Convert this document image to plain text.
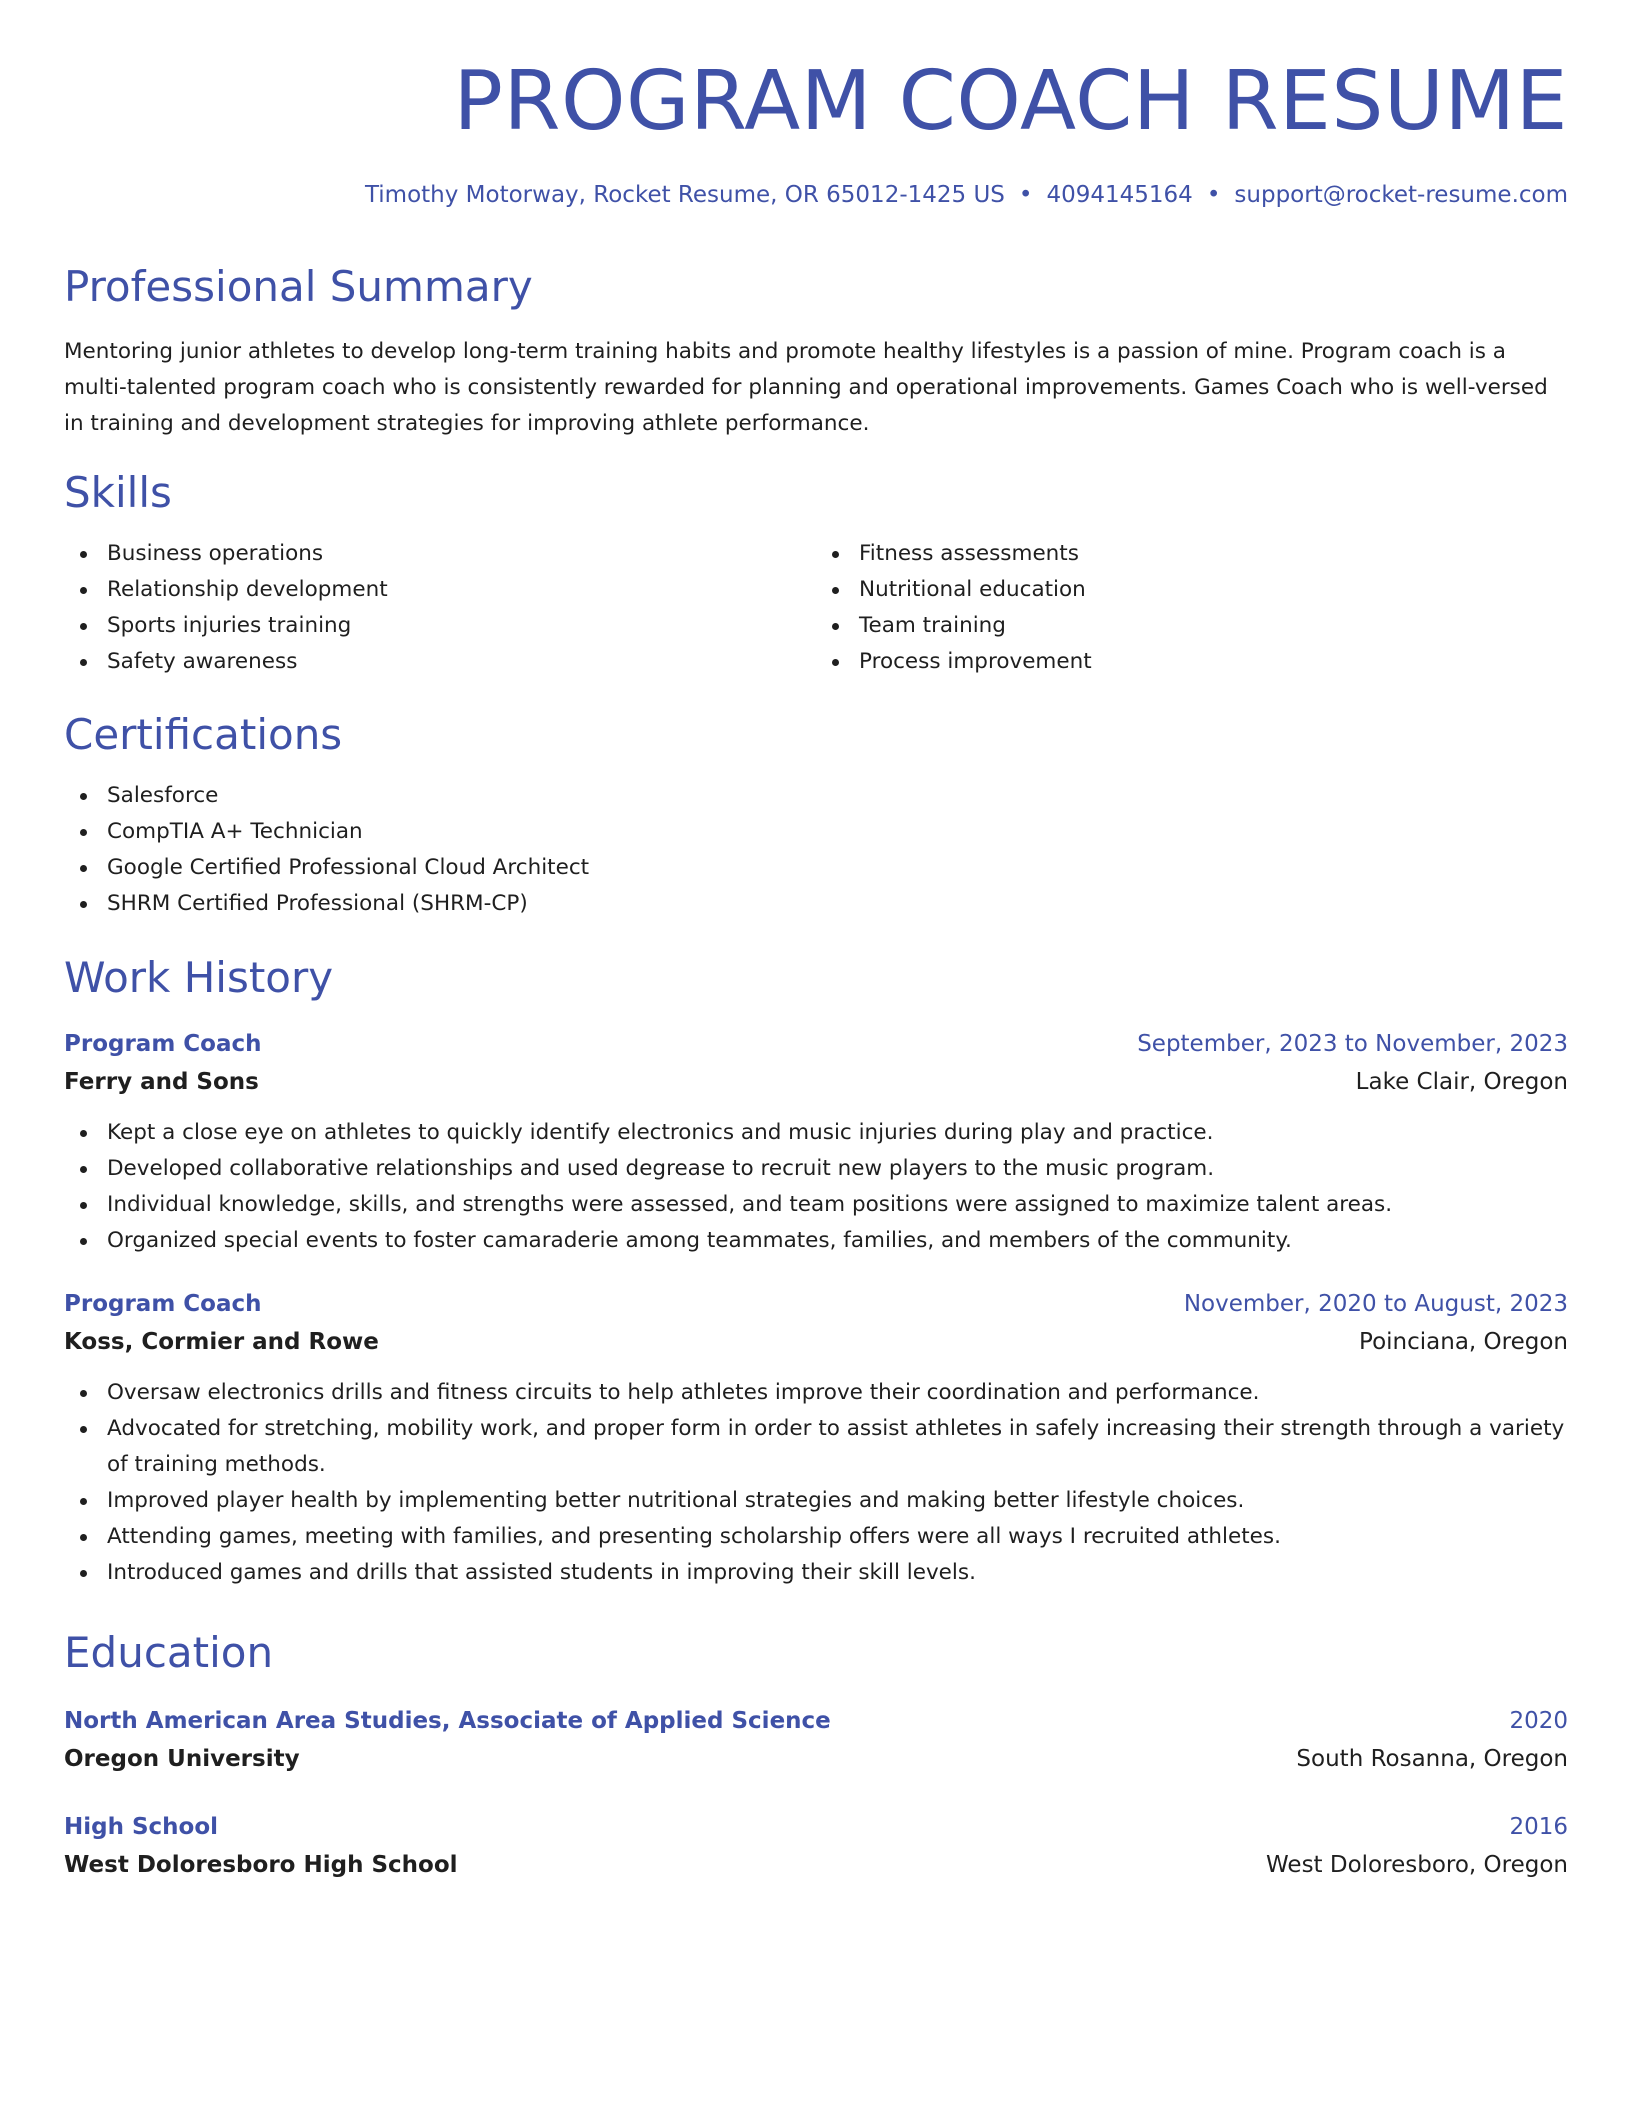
PROGRAM COACH RESUME
Timothy Motorway, Rocket Resume, OR 65012-1425 US • 4094145164 • support@rocket-resume.com
Professional Summary
Mentoring junior athletes to develop long-term training habits and promote healthy lifestyles is a passion of mine. Program coach is a multi-talented program coach who is consistently rewarded for planning and operational improvements. Games Coach who is well-versed in training and development strategies for improving athlete performance.
Skills
Business operations
Relationship development
Sports injuries training
Safety awareness
Fitness assessments
Nutritional education
Team training
Process improvement
Certifications
Salesforce
CompTIA A+ Technician
Google Certified Professional Cloud Architect
SHRM Certified Professional (SHRM-CP)
Work History
Program Coach	September, 2023 to November, 2023
Ferry and Sons	Lake Clair, Oregon
Kept a close eye on athletes to quickly identify electronics and music injuries during play and practice.
Developed collaborative relationships and used degrease to recruit new players to the music program.
Individual knowledge, skills, and strengths were assessed, and team positions were assigned to maximize talent areas.
Organized special events to foster camaraderie among teammates, families, and members of the community.
Program Coach	November, 2020 to August, 2023
Koss, Cormier and Rowe	Poinciana, Oregon
Oversaw electronics drills and fitness circuits to help athletes improve their coordination and performance.
Advocated for stretching, mobility work, and proper form in order to assist athletes in safely increasing their strength through a variety of training methods.
Improved player health by implementing better nutritional strategies and making better lifestyle choices.
Attending games, meeting with families, and presenting scholarship offers were all ways I recruited athletes.
Introduced games and drills that assisted students in improving their skill levels.
Education
North American Area Studies, Associate of Applied Science	2020
Oregon University	South Rosanna, Oregon
High School	2016
West Doloresboro High School	West Doloresboro, Oregon
